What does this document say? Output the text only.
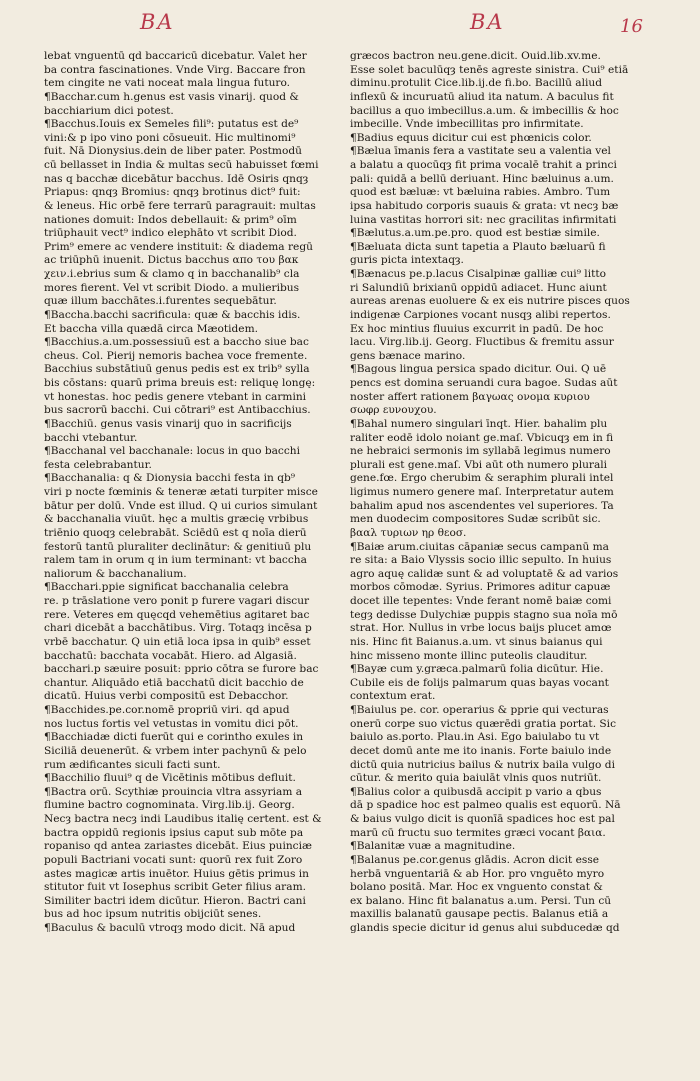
BA	BA	16

lebat vnguentū qd baccaricū dicebatur. Valet her

ba contra fascinationes. Vnde Virg. Baccare fron

tem cingite ne vati noceat mala lingua futuro.

¶Bacchar.cum h.genus est vasis vinarij. quod &

bacchiarium dici potest.

¶Bacchus.Iouis ex Semeles fili⁹: putatus est de⁹

vini:& p ipo vino poni cōsueuit. Hic multinomi⁹

fuit. Nā Dionysius.dein de liber pater. Postmodū

cū bellasset in India & multas secū habuisset fœmi

nas q bacchæ dicebātur bacchus. Idē Osiris qnqȝ

Priapus: qnqȝ Bromius: qnqȝ brotinus dict⁹ fuit:

& leneus. Hic orbē fere terrarū paragrauit: multas

nationes domuit: Indos debellauit: & prim⁹ oīm

triūphauit vect⁹ indico elephāto vt scribit Diod.

Prim⁹ emere ac vendere instituit: & diadema regū

ac triūphū inuenit. Dictus bacchus απο του βακ

χειν.i.ebrius sum & clamo q in bacchanalib⁹ cla

mores fierent. Vel vt scribit Diodo. a mulieribus

quæ illum bacchātes.i.furentes sequebātur.

¶Baccha.bacchi sacrificula: quæ & bacchis idis.

Et baccha villa quædā circa Mæotidem.

¶Bacchius.a.um.possessiuū est a baccho siue bac

cheus. Col. Pierij nemoris bachea voce fremente.

Bacchius substātiuū genus pedis est ex trib⁹ sylla

bis cōstans: quarū prima breuis est: reliquę longę:

vt honestas. hoc pedis genere vtebant in carmini

bus sacrorū bacchi. Cui cōtrari⁹ est Antibacchius.

¶Bacchiū. genus vasis vinarij quo in sacrificijs

bacchi vtebantur.

¶Bacchanal vel bacchanale: locus in quo bacchi

festa celebrabantur.

¶Bacchanalia: q & Dionysia bacchi festa in qb⁹

viri p nocte fœminis & teneræ ætati turpiter misce

bātur per dolū. Vnde est illud. Q ui curios simulant

& bacchanalia viuūt. hęc a multis græcię vrbibus

triēnio quoqȝ celebrabāt. Sciēdū est q noīa dierū

festorū tantū pluraliter declinātur: & genitiuū plu

ralem tam in orum q in ium terminant: vt baccha

naliorum & bacchanalium.

¶Bacchari.ppie significat bacchanalia celebra

re. p trāslatione vero ponit p furere vagari discur

rere. Veteres em quęcqd vehemētius agitaret bac

chari dicebāt a bacchātibus. Virg. Totaqȝ incēsa p

vrbē bacchatur. Q uin etiā loca ipsa in quib⁹ esset

bacchatū: bacchata vocabāt. Hiero. ad Algasiā.

bacchari.p sæuire posuit: pprio cōtra se furore bac

chantur. Aliquādo etiā bacchatū dicit bacchio de

dicatū. Huius verbi compositū est Debacchor.

¶Bacchides.pe.cor.nomē propriū viri. qd apud

nos luctus fortis vel vetustas in vomitu dici pōt.

¶Bacchiadæ dicti fuerūt qui e corintho exules in

Siciliā deuenerūt. & vrbem inter pachynū & pelo

rum ædificantes siculi facti sunt.

¶Bacchilio fluui⁹ q de Vicētinis mōtibus defluit.

¶Bactra orū. Scythiæ prouincia vltra assyriam a

flumine bactro cognominata. Virg.lib.ij. Georg.

Necȝ bactra necȝ indi Laudibus italię certent. est &

bactra oppidū regionis ipsius caput sub mōte pa

ropaniso qd antea zariastes dicebāt. Eius puinciæ

populi Bactriani vocati sunt: quorū rex fuit Zoro

astes magicæ artis inuētor. Huius gētis primus in

stitutor fuit vt Iosephus scribit Geter filius aram.

Similiter bactri idem dicūtur. Hieron. Bactri cani

bus ad hoc ipsum nutritis obijciūt senes.

¶Baculus & baculū vtroqȝ modo dicit. Nā apud

græcos bactron neu.gene.dicit. Ouid.lib.xv.me.

Esse solet baculūqȝ tenēs agreste sinistra. Cui⁹ etiā

diminu.protulit Cice.lib.ij.de fi.bo. Bacillū aliud

inflexū & incuruatū aliud ita natum. A baculus fit

bacillus a quo imbecillus.a.um. & imbecillis & hoc

imbecille. Vnde imbecillitas pro infirmitate.

¶Badius equus dicitur cui est phœnicis color.

¶Bælua īmanis fera a vastitate seu a valentia vel

a balatu a quocūqȝ fit prima vocalē trahit a princi

pali: quidā a bellū deriuant. Hinc bæluinus a.um.

quod est bæluæ: vt bæluina rabies. Ambro. Tum

ipsa habitudo corporis suauis & grata: vt necȝ bæ

luina vastitas horrori sit: nec gracilitas infirmitati

¶Bælutus.a.um.pe.pro. quod est bestiæ simile.

¶Bæluata dicta sunt tapetia a Plauto bæluarū fi

guris picta intextaqȝ.

¶Bænacus pe.p.lacus Cisalpinæ galliæ cui⁹ litto

ri Salundiū brixianū oppidū adiacet. Hunc aiunt

aureas arenas euoluere & ex eis nutrire pisces quos

indigenæ Carpiones vocant nusqȝ alibi repertos.

Ex hoc mintius fluuius excurrit in padū. De hoc

lacu. Virg.lib.ij. Georg. Fluctibus & fremitu assur

gens bænace marino.

¶Bagous lingua persica spado dicitur. Oui. Q uē

pencs est domina seruandi cura bagoe. Sudas aūt

noster affert rationem βαγωας ονομα κυριου

σωφρ ευνουχου.

¶Bahal numero singulari īnqt. Hier. bahalim plu

raliter eodē idolo noiant ge.maſ. Vbicuqȝ em in fi

ne hebraici sermonis im syllabā legimus numero

plurali est gene.maſ. Vbi aūt oth numero plurali

gene.fœ. Ergo cherubim & seraphim plurali intel

ligimus numero genere maſ. Interpretatur autem

bahalim apud nos ascendentes vel superiores. Ta

men duodecim compositores Sudæ scribūt sic.

βααλ τυριων ηρ θεοσ.

¶Baiæ arum.ciuitas cāpaniæ secus campanū ma

re sita: a Baio Vlyssis socio illic sepulto. In huius

agro aquę calidæ sunt & ad voluptatē & ad varios

morbos cōmodæ. Syrius. Primores aditur capuæ

docet ille tepentes: Vnde ferant nomē baiæ comi

tegȝ dedisse Dulychiæ puppis stagno sua noīa mō

strat. Hor. Nullus in vrbe locus baijs plucet amœ

nis. Hinc fit Baianus.a.um. vt sinus baianus qui

hinc misseno monte illinc puteolis clauditur.

¶Bayæ cum y.græca.palmarū folia dicūtur. Hie.

Cubile eis de folijs palmarum quas bayas vocant

contextum erat.

¶Baiulus pe. cor. operarius & pprie qui vecturas

onerū corpe suo victus quærēdi gratia portat. Sic

baiulo as.porto. Plau.in Asi. Ego baiulabo tu vt

decet domū ante me ito inanis. Forte baiulo inde

dictū quia nutricius bailus & nutrix baila vulgo di

cūtur. & merito quia baiulāt vlnis quos nutriūt.

¶Balius color a quibusdā accipit p vario a qbus

dā p spadice hoc est palmeo qualis est equorū. Nā

& baius vulgo dicit is quonīā spadices hoc est pal

marū cū fructu suo termites græci vocant βαια.

¶Balanitæ vuæ a magnitudine.

¶Balanus pe.cor.genus glādis. Acron dicit esse

herbā vnguentariā & ab Hor. pro vnguēto myro

bolano positā. Mar. Hoc ex vnguento constat &

ex balano. Hinc fit balanatus a.um. Persi. Tun cū

maxillis balanatū gausape pectis. Balanus etiā a

glandis specie dicitur id genus alui subducedæ qd
